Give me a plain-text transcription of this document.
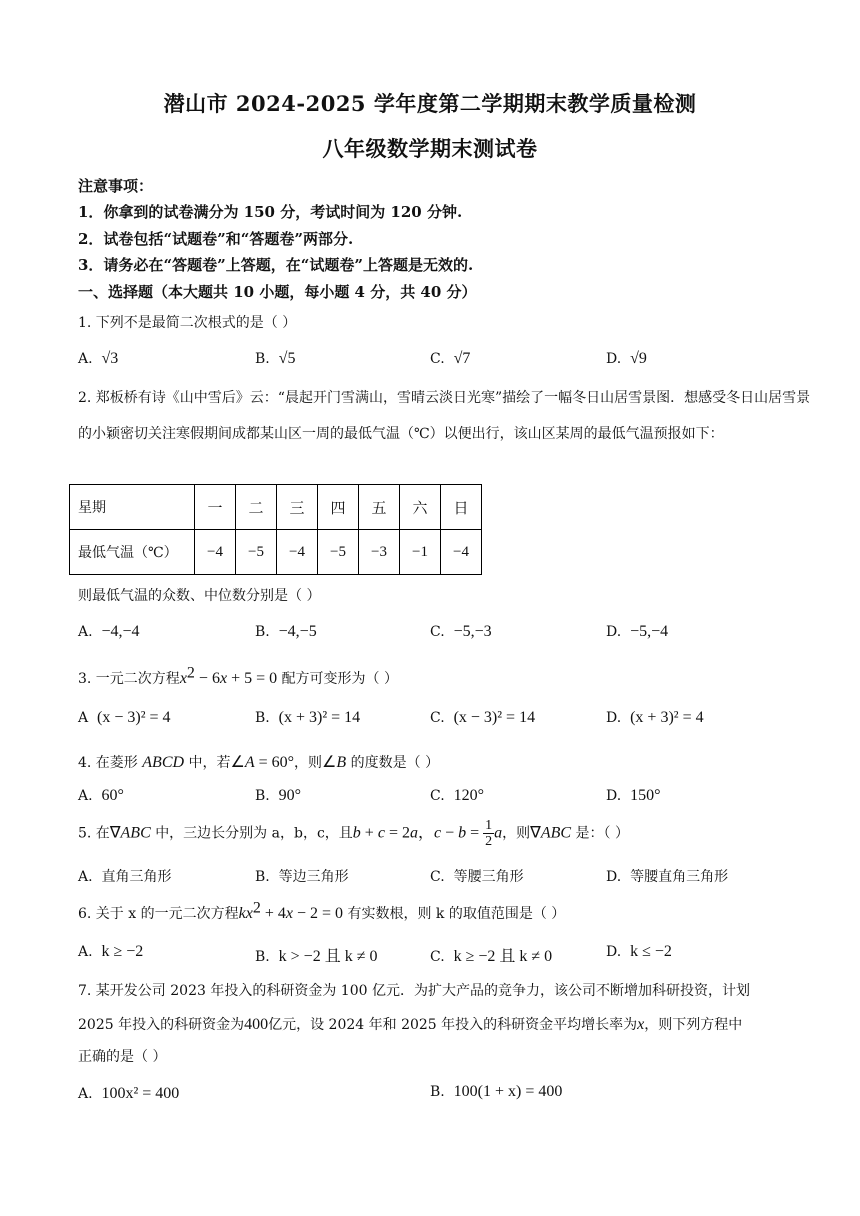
潜山市 2024-2025 学年度第二学期期末教学质量检测
八年级数学期末测试卷
注意事项：
1．你拿到的试卷满分为 150 分，考试时间为 120 分钟.
2．试卷包括“试题卷”和“答题卷”两部分.
3．请务必在“答题卷”上答题，在“试题卷”上答题是无效的.
一、选择题（本大题共 10 小题，每小题 4 分，共 40 分）
1. 下列不是最简二次根式的是（ ）
A. √3	B. √5	C. √7	D. √9
2. 郑板桥有诗《山中雪后》云：“晨起开门雪满山，雪晴云淡日光寒”描绘了一幅冬日山居雪景图．想感受冬日山居雪景的小颖密切关注寒假期间成都某山区一周的最低气温（℃）以便出行，该山区某周的最低气温预报如下：
星期	一	二	三	四	五	六	日
最低气温（℃）	−4	−5	−4	−5	−3	−1	−4
则最低气温的众数、中位数分别是（ ）
A. −4,−4	B. −4,−5	C. −5,−3	D. −5,−4
3. 一元二次方程$x^2 - 6x + 5 = 0$ 配方可变形为（ ）
A (x − 3)² = 4	B. (x + 3)² = 14	C. (x − 3)² = 14	D. (x + 3)² = 4
4. 在菱形 ABCD 中，若∠A = 60°，则∠B 的度数是（ ）
A. 60°	B. 90°	C. 120°	D. 150°
5. 在∇ABC 中，三边长分别为 a，b，c，且b + c = 2a，$c - b = \frac{1}{2}$ a，则∇ABC 是：（ ）
A. 直角三角形	B. 等边三角形	C. 等腰三角形	D. 等腰直角三角形
6. 关于 x 的一元二次方程$kx^2 + 4x - 2 = 0$ 有实数根，则 k 的取值范围是（ ）
A. k ≥ −2	B. k > −2 且 k ≠ 0	C. k ≥ −2 且 k ≠ 0	D. k ≤ −2
7. 某开发公司 2023 年投入的科研资金为 100 亿元．为扩大产品的竞争力，该公司不断增加科研投资，计划
2025 年投入的科研资金为400亿元，设 2024 年和 2025 年投入的科研资金平均增长率为x，则下列方程中
正确的是（ ）
A. 100x² = 400	B. 100(1 + x) = 400
